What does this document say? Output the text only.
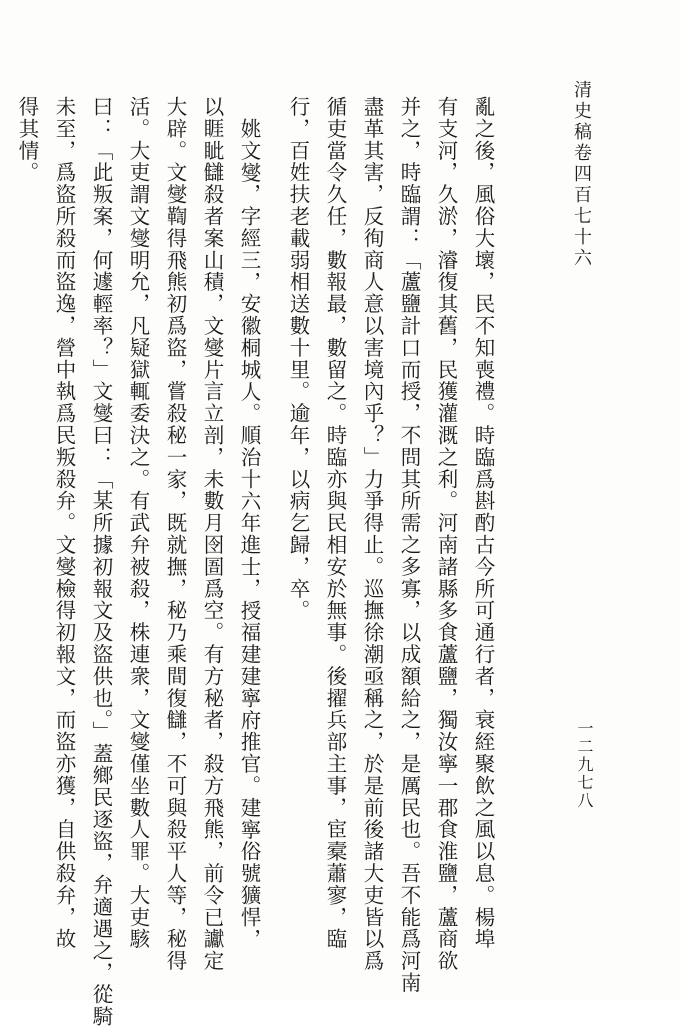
清史稿卷四百七十六

亂之後，風俗大壞，民不知喪禮。時臨爲斟酌古今所可通行者，衰絰聚飲之風以息。楊埠

有支河，久淤，濬復其舊，民獲灌溉之利。河南諸縣多食蘆鹽，獨汝寧一郡食淮鹽，蘆商欲

并之，時臨謂：「蘆鹽計口而授，不問其所需之多寡，以成額給之，是厲民也。吾不能爲河南

盡革其害，反徇商人意以害境內乎？」力爭得止。巡撫徐潮亟稱之，於是前後諸大吏皆以爲

循吏當令久任，數報最，數留之。時臨亦與民相安於無事。後擢兵部主事，宦槖蕭寥，臨

行，百姓扶老載弱相送數十里。逾年，以病乞歸，卒。

姚文燮，字經三，安徽桐城人。順治十六年進士，授福建建寧府推官。建寧俗號獷悍，

以睚眦讎殺者案山積，文燮片言立剖，未數月囹圄爲空。有方秘者，殺方飛熊，前令已讞定

大辟。文燮鞫得飛熊初爲盜，嘗殺秘一家，既就撫，秘乃乘間復讎，不可與殺平人等，秘得

活。大吏謂文燮明允，凡疑獄輒委決之。有武弁被殺，株連衆，文燮僅坐數人罪。大吏駭

曰：「此叛案，何遽輕率？」文燮曰：「某所據初報文及盜供也。」蓋鄉民逐盜，弁適遇之，從騎

未至，爲盜所殺而盜逸，營中執爲民叛殺弁。文燮檢得初報文，而盜亦獲，自供殺弁，故

得其情。

一二九七八
